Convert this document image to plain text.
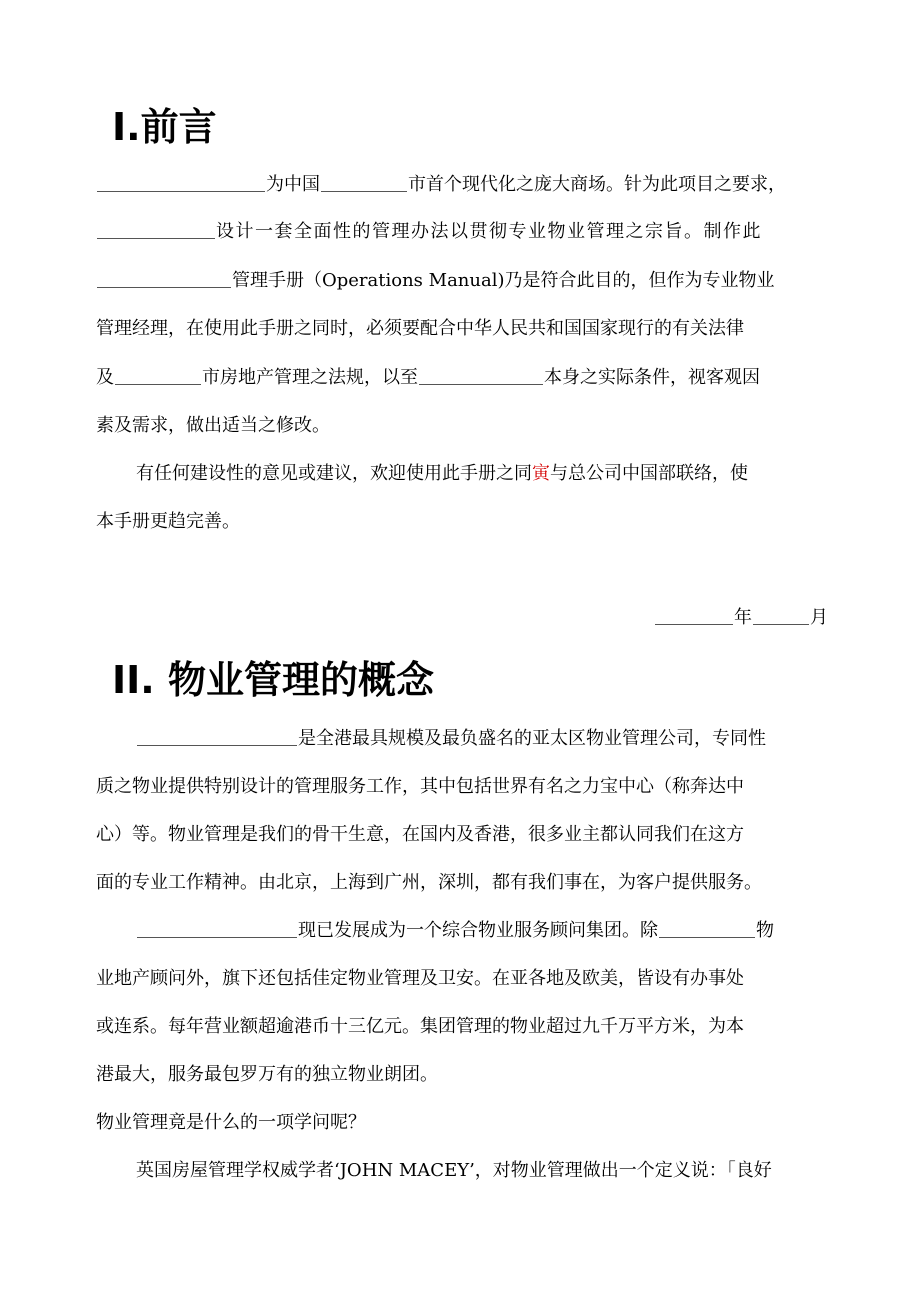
I.前言
为中国	市首个现代化之庞大商场。针为此项目之要求，
设计一套全面性的管理办法以贯彻专业物业管理之宗旨。制作此
管理手册（Operations Manual)乃是符合此目的，但作为专业物业
管理经理，在使用此手册之同时，必须要配合中华人民共和国国家现行的有关法律
及	市房地产管理之法规，以至	本身之实际条件，视客观因
素及需求，做出适当之修改。
有任何建设性的意见或建议，欢迎使用此手册之同寅与总公司中国部联络，使
本手册更趋完善。
年	月
II. 物业管理的概念
是全港最具规模及最负盛名的亚太区物业管理公司，专同性
质之物业提供特别设计的管理服务工作，其中包括世界有名之力宝中心（称奔达中
心）等。物业管理是我们的骨干生意，在国内及香港，很多业主都认同我们在这方
面的专业工作精神。由北京，上海到广州，深圳，都有我们事在，为客户提供服务。
现已发展成为一个综合物业服务顾问集团。除	物
业地产顾问外，旗下还包括佳定物业管理及卫安。在亚各地及欧美，皆设有办事处
或连系。每年营业额超逾港币十三亿元。集团管理的物业超过九千万平方米，为本
港最大，服务最包罗万有的独立物业朗团。
物业管理竟是什么的一项学问呢？
英国房屋管理学权威学者‘JOHN MACEY’，对物业管理做出一个定义说：「良好
